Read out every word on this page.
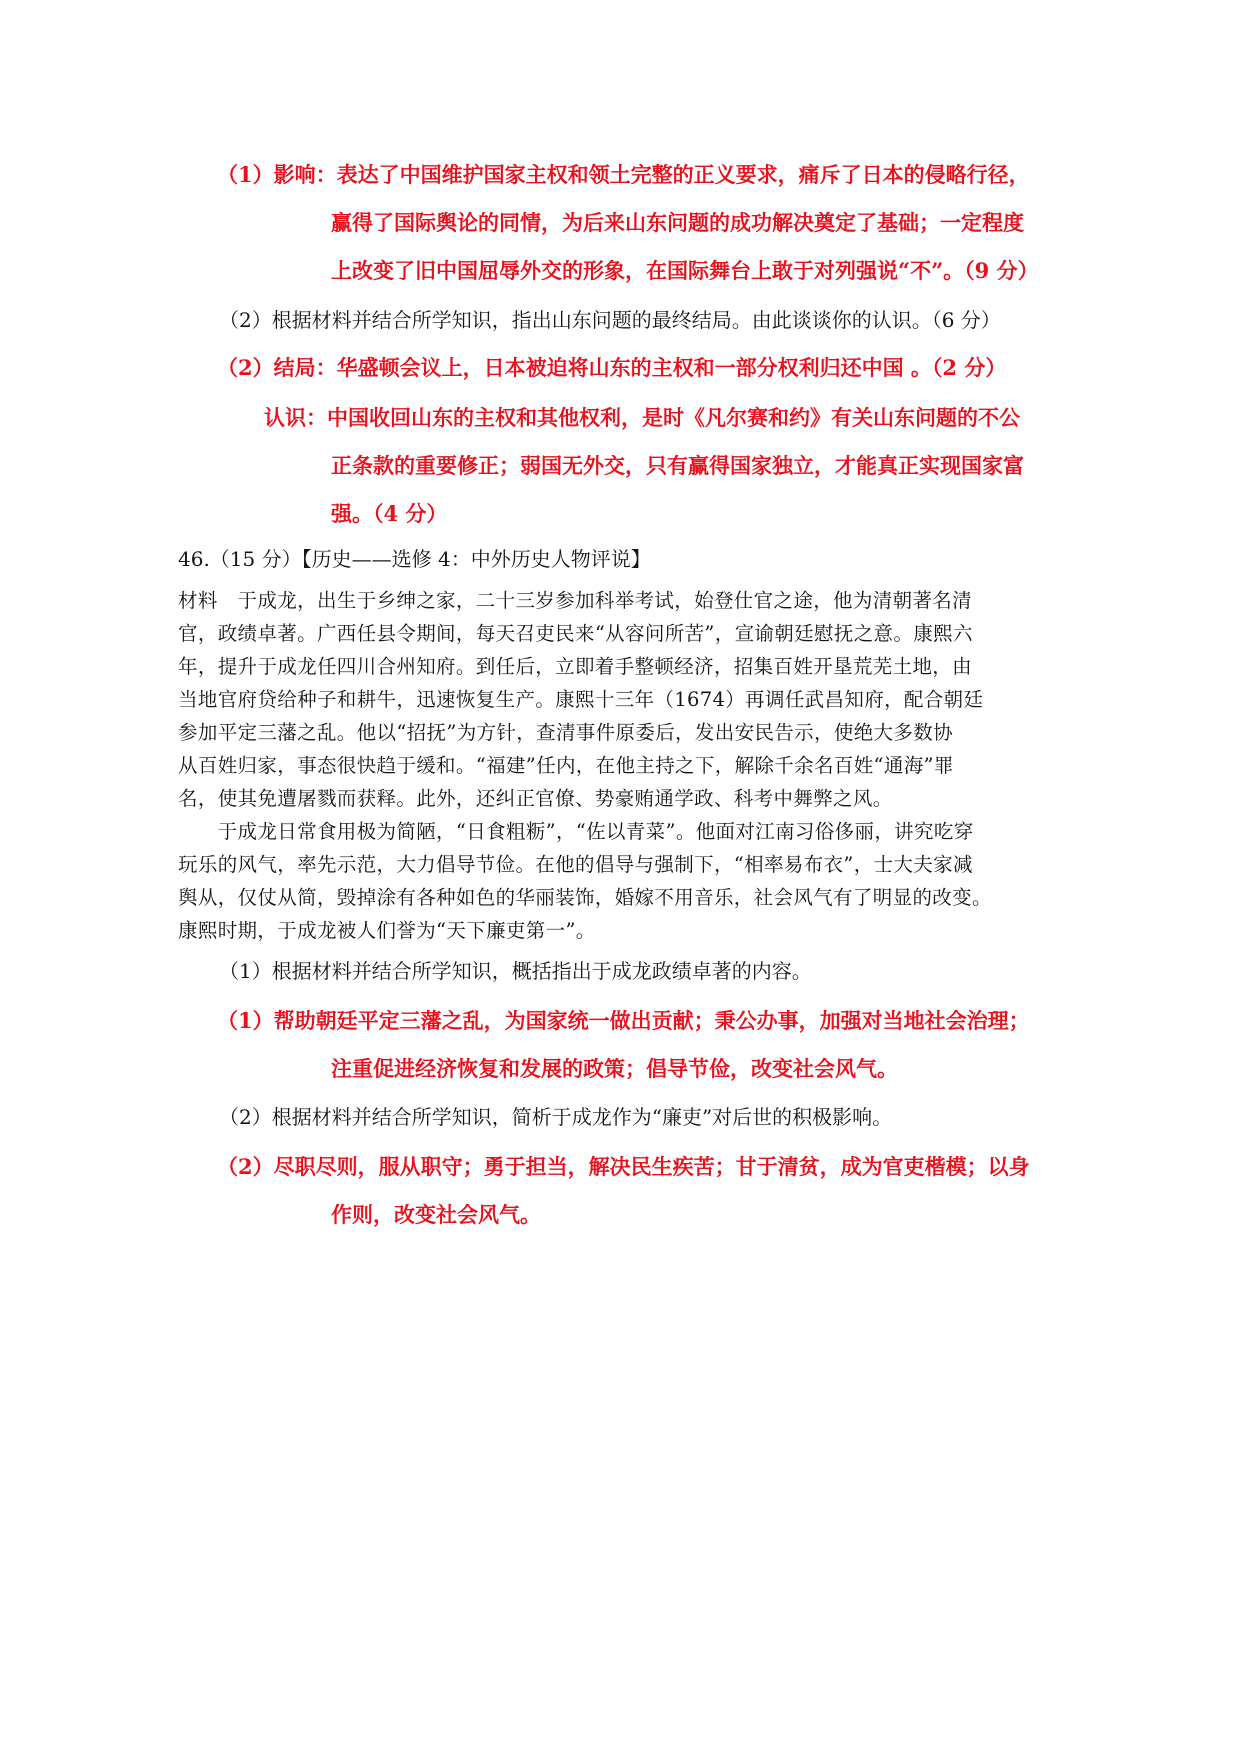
（1）影响：表达了中国维护国家主权和领土完整的正义要求，痛斥了日本的侵略行径，
赢得了国际舆论的同情，为后来山东问题的成功解决奠定了基础；一定程度
上改变了旧中国屈辱外交的形象，在国际舞台上敢于对列强说“不”。（9 分）
（2）根据材料并结合所学知识，指出山东问题的最终结局。由此谈谈你的认识。（6 分）
（2）结局：华盛顿会议上，日本被迫将山东的主权和一部分权利归还中国 。（2 分）
认识：中国收回山东的主权和其他权利，是时《凡尔赛和约》有关山东问题的不公
正条款的重要修正；弱国无外交，只有赢得国家独立，才能真正实现国家富
强。（4 分）
46.（15 分）【历史——选修 4：中外历史人物评说】
材料　于成龙，出生于乡绅之家，二十三岁参加科举考试，始登仕官之途，他为清朝著名清
官，政绩卓著。广西任县令期间，每天召吏民来“从容问所苦”，宣谕朝廷慰抚之意。康熙六
年，提升于成龙任四川合州知府。到任后，立即着手整顿经济，招集百姓开垦荒芜土地，由
当地官府贷给种子和耕牛，迅速恢复生产。康熙十三年（1674）再调任武昌知府，配合朝廷
参加平定三藩之乱。他以“招抚”为方针，查清事件原委后，发出安民告示，使绝大多数协
从百姓归家，事态很快趋于缓和。“福建”任内，在他主持之下，解除千余名百姓“通海”罪
名，使其免遭屠戮而获释。此外，还纠正官僚、势豪贿通学政、科考中舞弊之风。
　　于成龙日常食用极为简陋，“日食粗粝”，“佐以青菜”。他面对江南习俗侈丽，讲究吃穿
玩乐的风气，率先示范，大力倡导节俭。在他的倡导与强制下，“相率易布衣”，士大夫家减
舆从，仅仗从简，毁掉涂有各种如色的华丽装饰，婚嫁不用音乐，社会风气有了明显的改变。
康熙时期，于成龙被人们誉为“天下廉吏第一”。
（1）根据材料并结合所学知识，概括指出于成龙政绩卓著的内容。
（1）帮助朝廷平定三藩之乱，为国家统一做出贡献；秉公办事，加强对当地社会治理；
注重促进经济恢复和发展的政策；倡导节俭，改变社会风气。
（2）根据材料并结合所学知识，简析于成龙作为“廉吏”对后世的积极影响。
（2）尽职尽则，服从职守；勇于担当，解决民生疾苦；甘于清贫，成为官吏楷模；以身
作则，改变社会风气。
